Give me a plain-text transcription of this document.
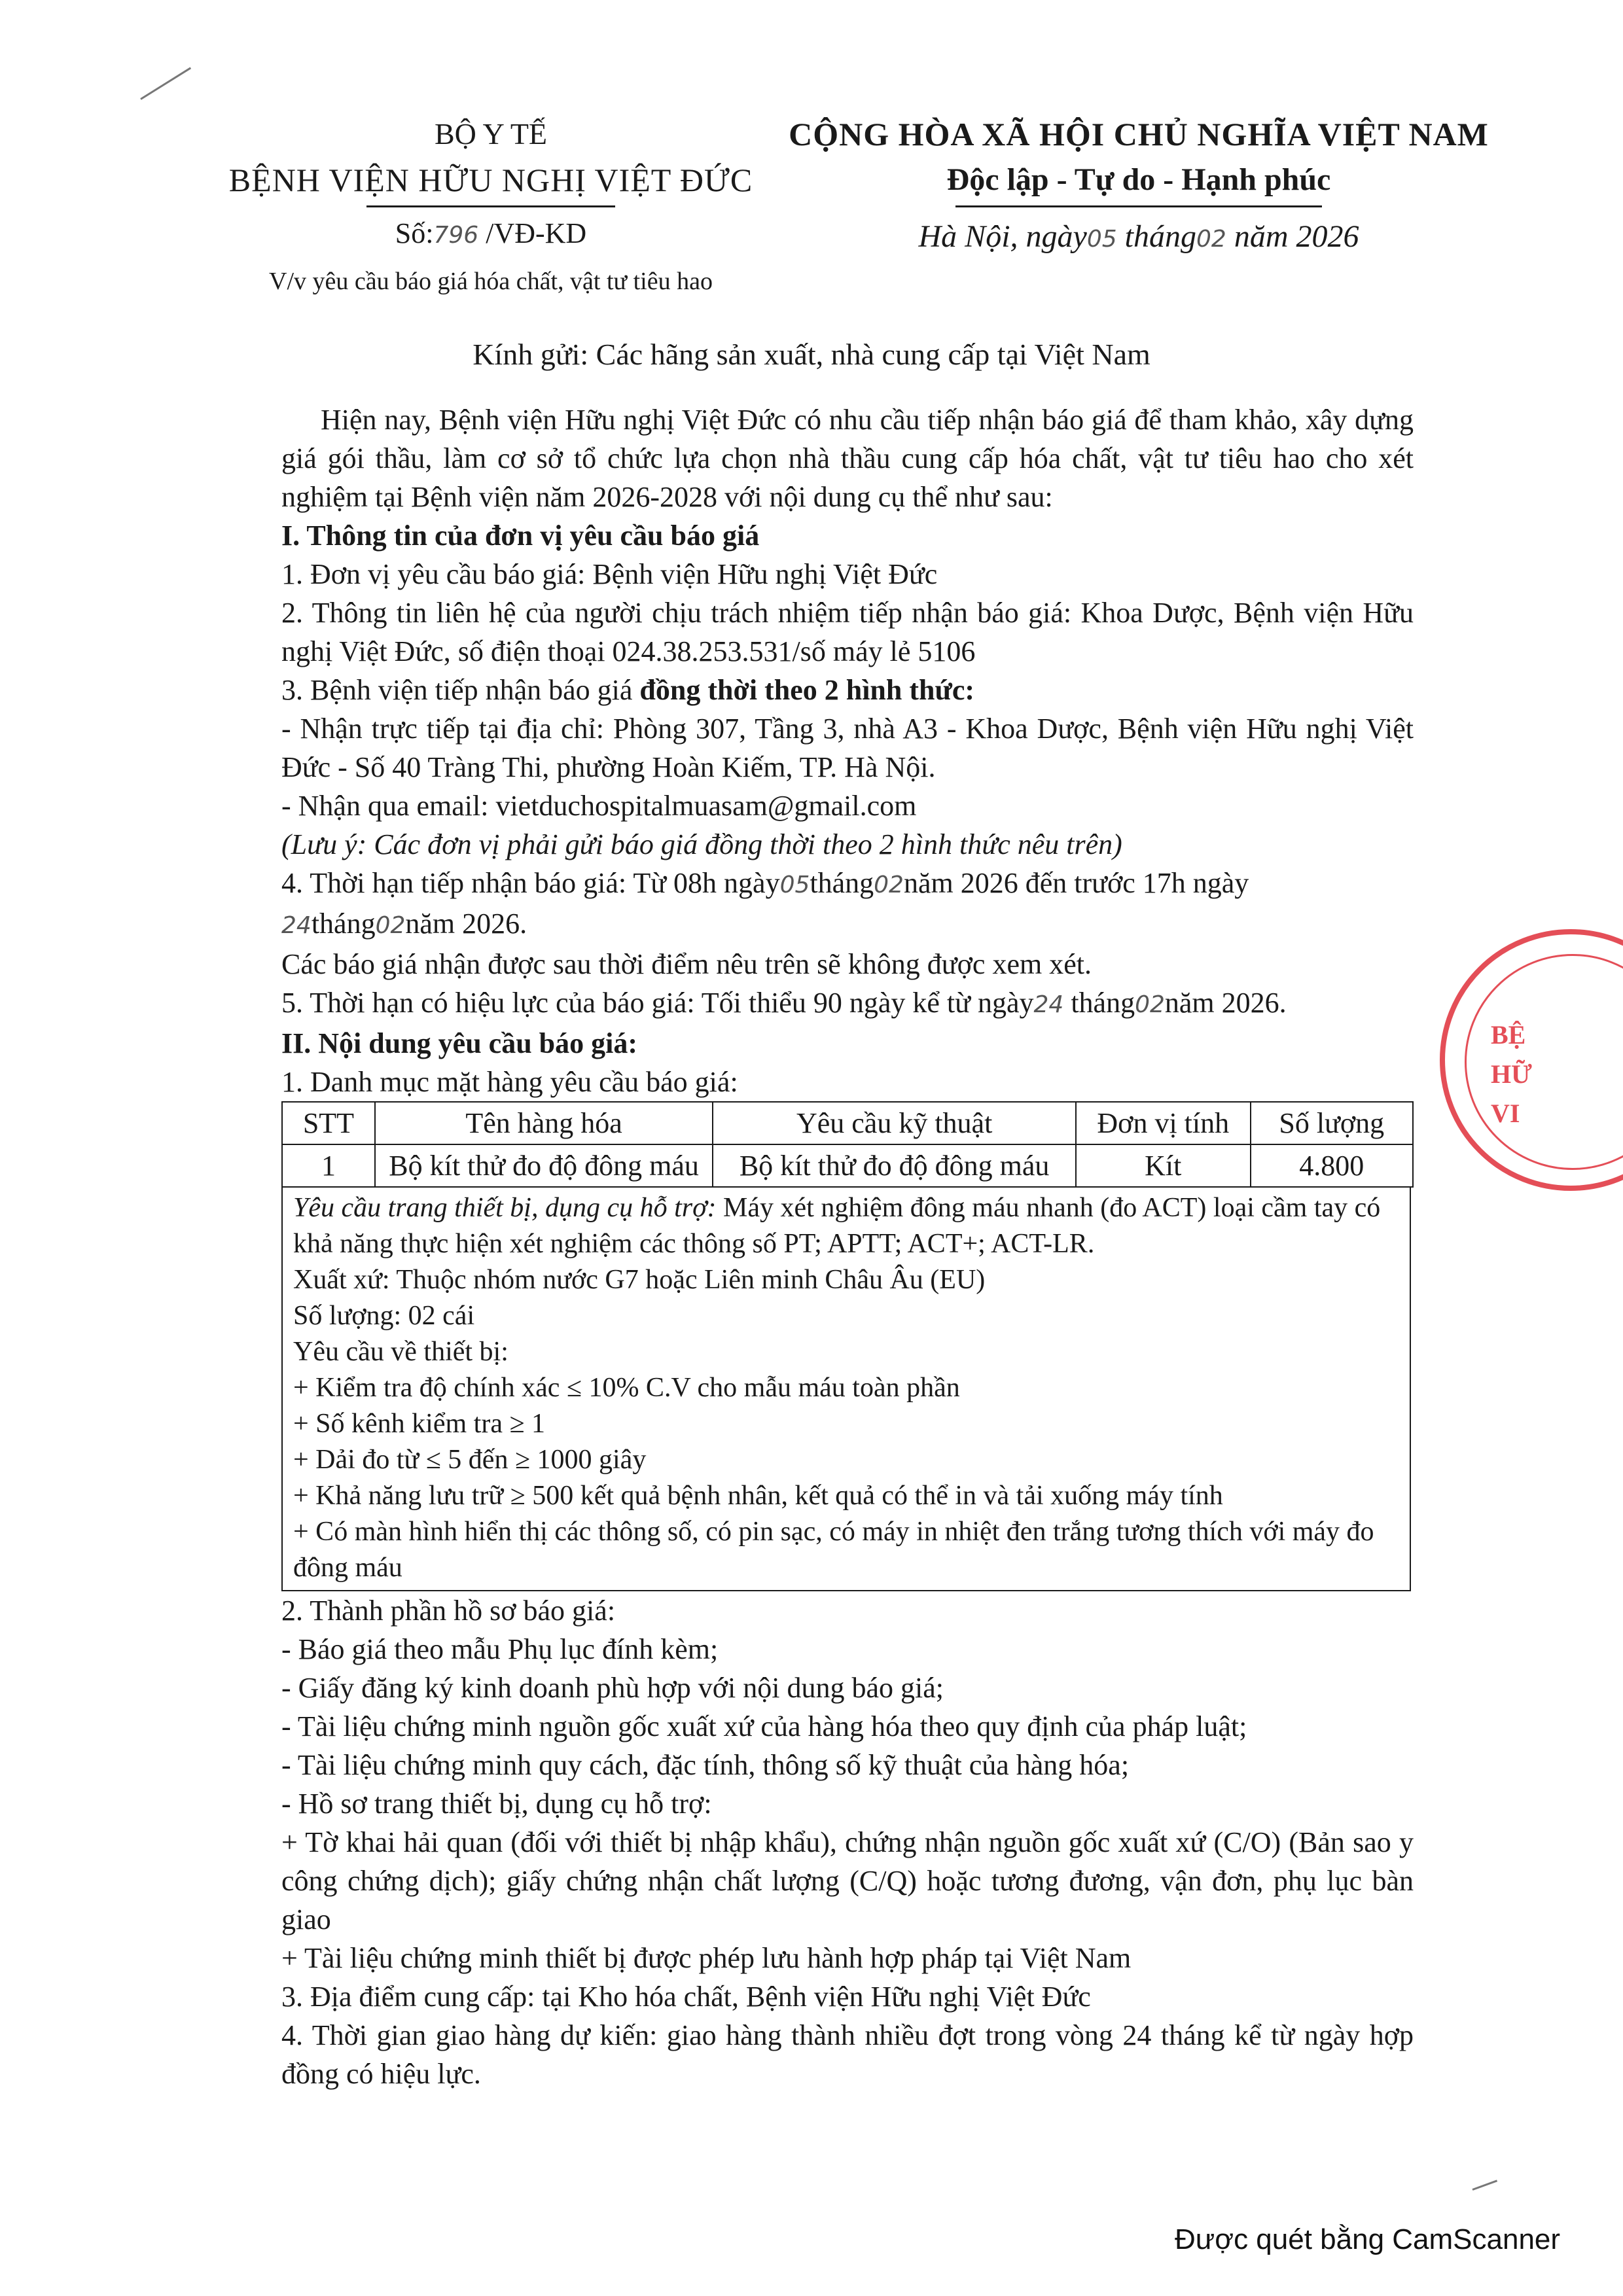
BỘ Y TẾ
BỆNH VIỆN HỮU NGHỊ VIỆT ĐỨC
Số:796 /VĐ-KD
V/v yêu cầu báo giá hóa chất, vật tư tiêu hao
CỘNG HÒA XÃ HỘI CHỦ NGHĨA VIỆT NAM
Độc lập - Tự do - Hạnh phúc
Hà Nội, ngày05 tháng02 năm 2026
Kính gửi: Các hãng sản xuất, nhà cung cấp tại Việt Nam

Hiện nay, Bệnh viện Hữu nghị Việt Đức có nhu cầu tiếp nhận báo giá để tham khảo, xây dựng giá gói thầu, làm cơ sở tổ chức lựa chọn nhà thầu cung cấp hóa chất, vật tư tiêu hao cho xét nghiệm tại Bệnh viện năm 2026-2028 với nội dung cụ thể như sau:

I. Thông tin của đơn vị yêu cầu báo giá

1. Đơn vị yêu cầu báo giá: Bệnh viện Hữu nghị Việt Đức

2. Thông tin liên hệ của người chịu trách nhiệm tiếp nhận báo giá: Khoa Dược, Bệnh viện Hữu nghị Việt Đức, số điện thoại 024.38.253.531/số máy lẻ 5106

3. Bệnh viện tiếp nhận báo giá đồng thời theo 2 hình thức:

- Nhận trực tiếp tại địa chỉ: Phòng 307, Tầng 3, nhà A3 - Khoa Dược, Bệnh viện Hữu nghị Việt Đức - Số 40 Tràng Thi, phường Hoàn Kiếm, TP. Hà Nội.

- Nhận qua email: vietduchospitalmuasam@gmail.com

(Lưu ý: Các đơn vị phải gửi báo giá đồng thời theo 2 hình thức nêu trên)

4. Thời hạn tiếp nhận báo giá: Từ 08h ngày05tháng02năm 2026 đến trước 17h ngày 24tháng02năm 2026.

Các báo giá nhận được sau thời điểm nêu trên sẽ không được xem xét.

5. Thời hạn có hiệu lực của báo giá: Tối thiểu 90 ngày kể từ ngày24 tháng02năm 2026.

II. Nội dung yêu cầu báo giá:

1. Danh mục mặt hàng yêu cầu báo giá:

STT	Tên hàng hóa	Yêu cầu kỹ thuật	Đơn vị tính	Số lượng
1	Bộ kít thử đo độ đông máu	Bộ kít thử đo độ đông máu	Kít	4.800
Yêu cầu trang thiết bị, dụng cụ hỗ trợ: Máy xét nghiệm đông máu nhanh (đo ACT) loại cầm tay có khả năng thực hiện xét nghiệm các thông số PT; APTT; ACT+; ACT-LR.
Xuất xứ: Thuộc nhóm nước G7 hoặc Liên minh Châu Âu (EU)
Số lượng: 02 cái
Yêu cầu về thiết bị:
+ Kiểm tra độ chính xác ≤ 10% C.V cho mẫu máu toàn phần
+ Số kênh kiểm tra ≥ 1
+ Dải đo từ ≤ 5 đến ≥ 1000 giây
+ Khả năng lưu trữ ≥ 500 kết quả bệnh nhân, kết quả có thể in và tải xuống máy tính
+ Có màn hình hiển thị các thông số, có pin sạc, có máy in nhiệt đen trắng tương thích với máy đo đông máu

2. Thành phần hồ sơ báo giá:

- Báo giá theo mẫu Phụ lục đính kèm;

- Giấy đăng ký kinh doanh phù hợp với nội dung báo giá;

- Tài liệu chứng minh nguồn gốc xuất xứ của hàng hóa theo quy định của pháp luật;

- Tài liệu chứng minh quy cách, đặc tính, thông số kỹ thuật của hàng hóa;

- Hồ sơ trang thiết bị, dụng cụ hỗ trợ:

+ Tờ khai hải quan (đối với thiết bị nhập khẩu), chứng nhận nguồn gốc xuất xứ (C/O) (Bản sao y công chứng dịch); giấy chứng nhận chất lượng (C/Q) hoặc tương đương, vận đơn, phụ lục bàn giao

+ Tài liệu chứng minh thiết bị được phép lưu hành hợp pháp tại Việt Nam

3. Địa điểm cung cấp: tại Kho hóa chất, Bệnh viện Hữu nghị Việt Đức

4. Thời gian giao hàng dự kiến: giao hàng thành nhiều đợt trong vòng 24 tháng kể từ ngày hợp đồng có hiệu lực.

BỆ
HỮ
VI
Được quét bằng CamScanner
